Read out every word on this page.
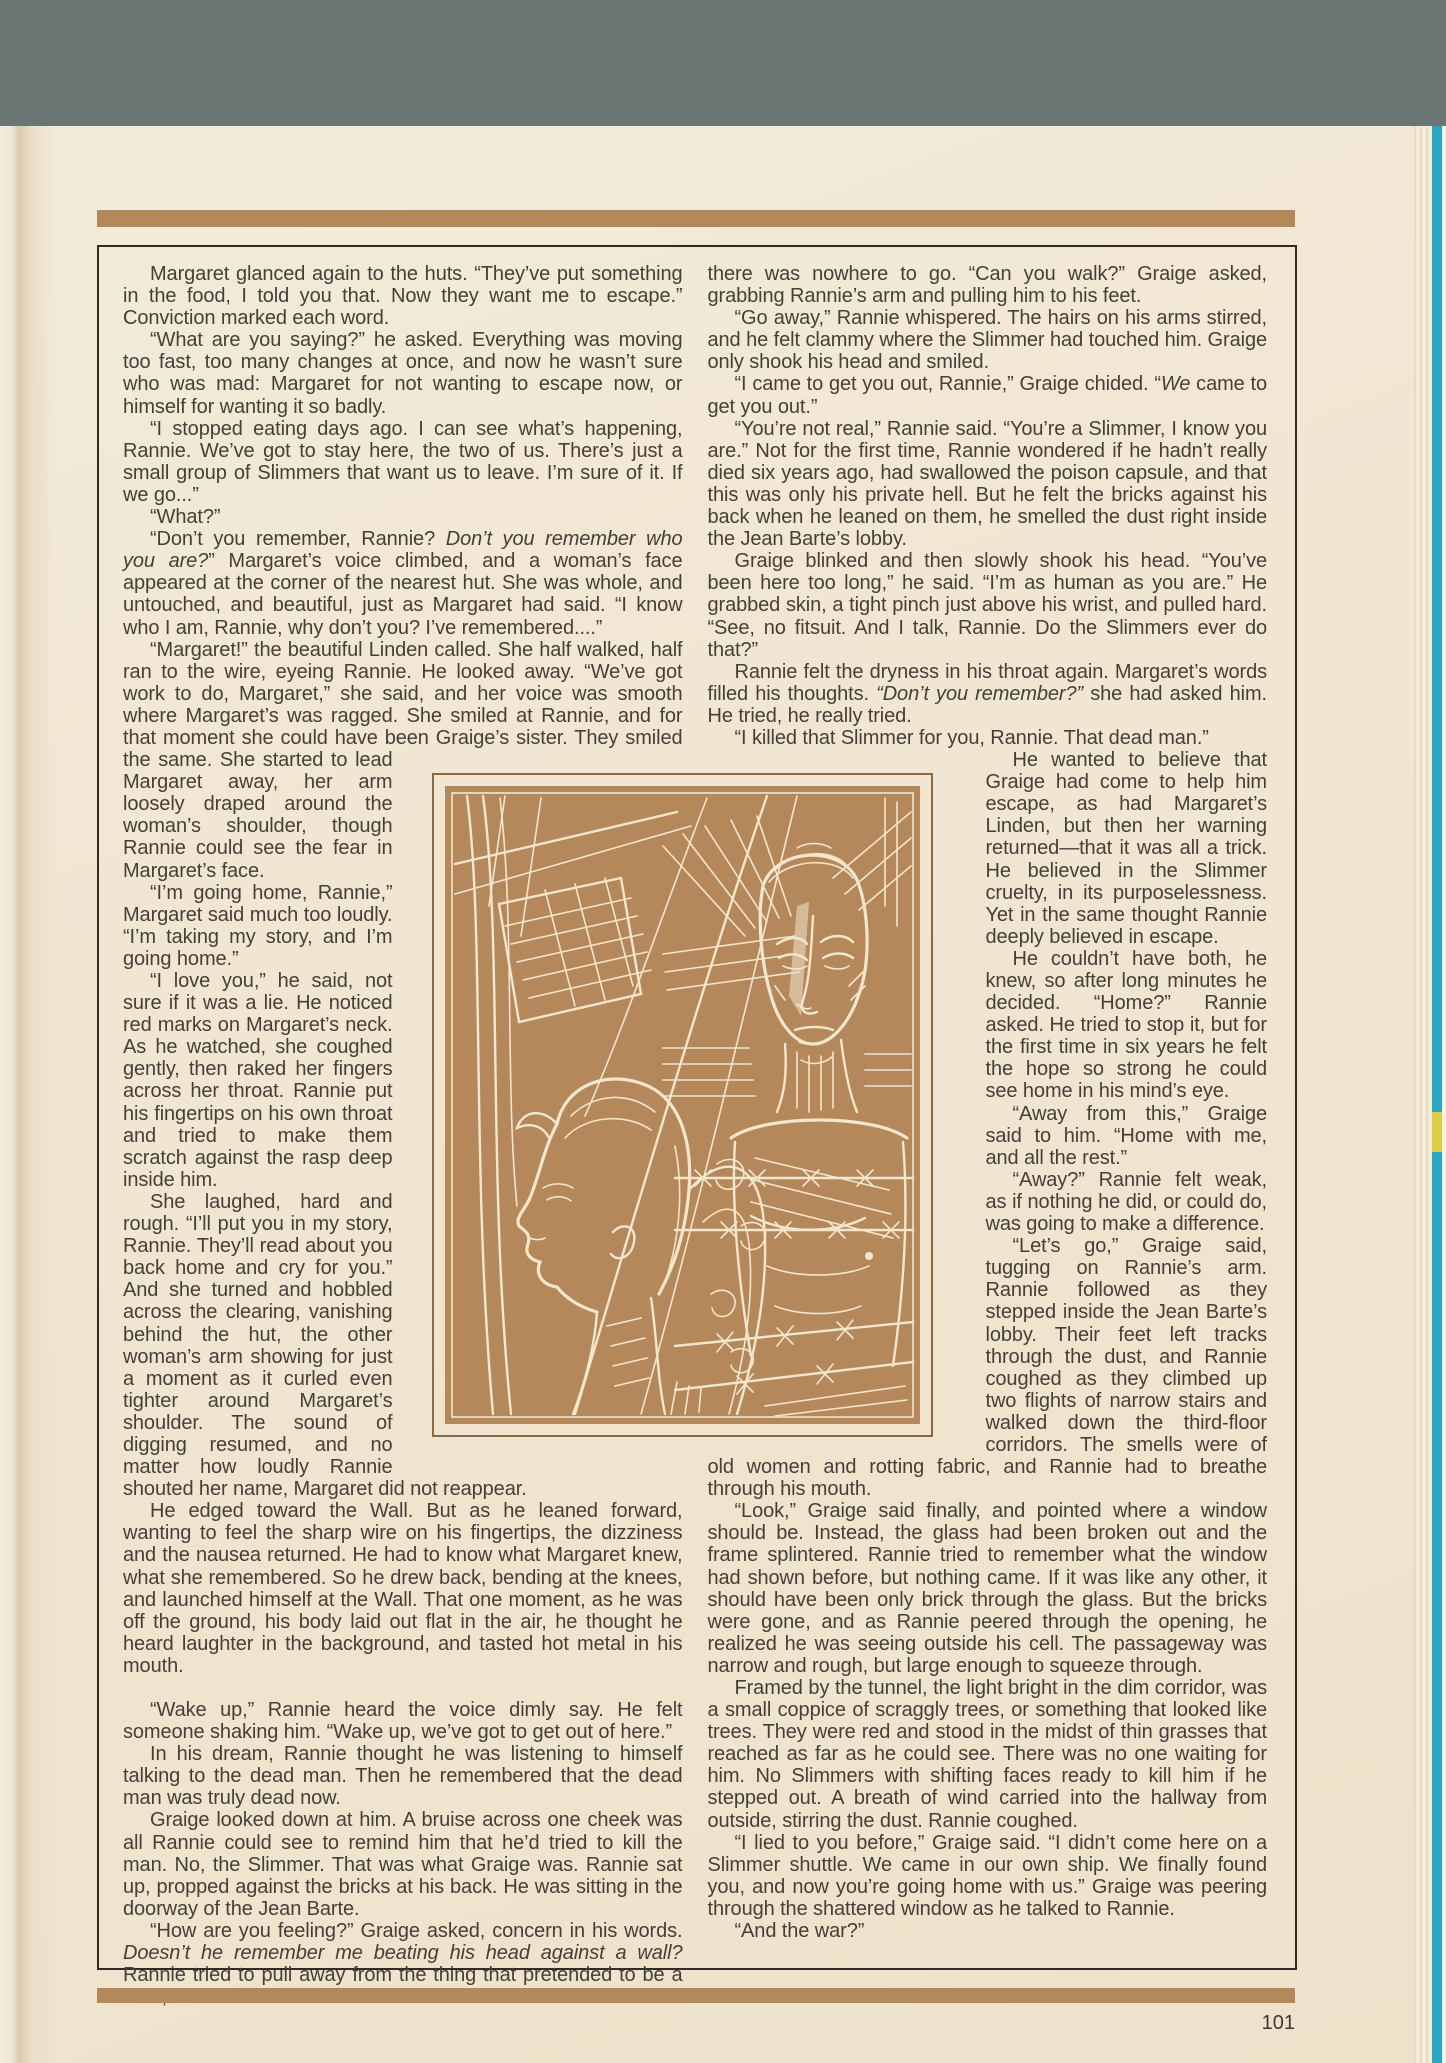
Margaret glanced again to the huts. “They’ve put something in the food, I told you that. Now they want me to escape.” Conviction marked each word.

“What are you saying?” he asked. Everything was moving too fast, too many changes at once, and now he wasn’t sure who was mad: Margaret for not wanting to escape now, or himself for wanting it so badly.

“I stopped eating days ago. I can see what’s happening, Rannie. We’ve got to stay here, the two of us. There’s just a small group of Slimmers that want us to leave. I’m sure of it. If we go...”

“What?”

“Don’t you remember, Rannie? Don’t you remember who you are?” Margaret’s voice climbed, and a woman’s face appeared at the corner of the nearest hut. She was whole, and untouched, and beautiful, just as Margaret had said. “I know who I am, Rannie, why don’t you? I’ve remembered....”

“Margaret!” the beautiful Linden called. She half walked, half ran to the wire, eyeing Rannie. He looked away. “We’ve got work to do, Margaret,” she said, and her voice was smooth where Margaret’s was ragged. She smiled at Rannie, and for that moment she could have been Graige’s sister. They smiled the
same. She started to lead Margaret away, her arm loosely draped around the woman’s shoulder, though Rannie could see the fear in Margaret’s face.

“I’m going home, Rannie,” Margaret said much too loudly. “I’m taking my story, and I’m going home.”

“I love you,” he said, not sure if it was a lie. He noticed red marks on Margaret’s neck. As he watched, she coughed gently, then raked her fingers across her throat. Rannie put his fingertips on his own throat and tried to make them scratch against the rasp deep inside him.

She laughed, hard and rough. “I’ll put you in my story, Rannie. They’ll read about you back home and cry for you.” And she turned and hobbled across the clearing, vanishing behind the hut, the other woman’s arm showing for just a moment as it curled even tighter around Margaret’s shoulder. The sound of digging resumed, and no matter how loudly Rannie shouted her name, Margaret did not reappear.

He edged toward the Wall. But as he leaned forward, wanting to feel the sharp wire on his fingertips, the dizziness and the nausea returned. He had to know what Margaret knew, what she remembered. So he drew back, bending at the knees, and launched himself at the Wall. That one moment, as he was off the ground, his body laid out flat in the air, he thought he heard laughter in the background, and tasted hot metal in his mouth.

“Wake up,” Rannie heard the voice dimly say. He felt someone shaking him. “Wake up, we’ve got to get out of here.”

In his dream, Rannie thought he was listening to himself talking to the dead man. Then he remembered that the dead man was truly dead now.

Graige looked down at him. A bruise across one cheek was all Rannie could see to remind him that he’d tried to kill the man. No, the Slimmer. That was what Graige was. Rannie sat up, propped against the bricks at his back. He was sitting in the doorway of the Jean Barte.

“How are you feeling?” Graige asked, concern in his words. Doesn’t he remember me beating his head against a wall? Rannie tried to pull away from the thing that pretended to be a

there was nowhere to go. “Can you walk?” Graige asked, grabbing Rannie’s arm and pulling him to his feet.

“Go away,” Rannie whispered. The hairs on his arms stirred, and he felt clammy where the Slimmer had touched him. Graige only shook his head and smiled.

“I came to get you out, Rannie,” Graige chided. “We came to get you out.”

“You’re not real,” Rannie said. “You’re a Slimmer, I know you are.” Not for the first time, Rannie wondered if he hadn’t really died six years ago, had swallowed the poison capsule, and that this was only his private hell. But he felt the bricks against his back when he leaned on them, he smelled the dust right inside the Jean Barte’s lobby.

Graige blinked and then slowly shook his head. “You’ve been here too long,” he said. “I’m as human as you are.” He grabbed skin, a tight pinch just above his wrist, and pulled hard. “See, no fitsuit. And I talk, Rannie. Do the Slimmers ever do that?”

Rannie felt the dryness in his throat again. Margaret’s words filled his thoughts. “Don’t you remember?” she had asked him. He tried, he really tried.

“I killed that Slimmer for you, Rannie. That dead man.”

He wanted to believe that Graige had come to help him escape, as had Margaret’s Linden, but then her warning returned—that it was all a trick. He believed in the Slimmer cruelty, in its purposelessness. Yet in the same thought Rannie deeply believed in escape.

He couldn’t have both, he knew, so after long minutes he decided. “Home?” Rannie asked. He tried to stop it, but for the first time in six years he felt the hope so strong he could see home in his mind’s eye.

“Away from this,” Graige said to him. “Home with me, and all the rest.”

“Away?” Rannie felt weak, as if nothing he did, or could do, was going to make a difference.

“Let’s go,” Graige said, tugging on Rannie’s arm. Rannie followed as they stepped inside the Jean Barte’s lobby. Their feet left tracks through the dust, and Rannie coughed as they climbed up two flights of narrow stairs and walked down the third-floor corridors. The smells were of old women and rotting fabric, and Rannie had to breathe through his mouth.

“Look,” Graige said finally, and pointed where a window should be. Instead, the glass had been broken out and the frame splintered. Rannie tried to remember what the window had shown before, but nothing came. If it was like any other, it should have been only brick through the glass. But the bricks were gone, and as Rannie peered through the opening, he realized he was seeing outside his cell. The passageway was narrow and rough, but large enough to squeeze through.

Framed by the tunnel, the light bright in the dim corridor, was a small coppice of scraggly trees, or something that looked like trees. They were red and stood in the midst of thin grasses that reached as far as he could see. There was no one waiting for him. No Slimmers with shifting faces ready to kill him if he stepped out. A breath of wind carried into the hallway from outside, stirring the dust. Rannie coughed.

“I lied to you before,” Graige said. “I didn’t come here on a Slimmer shuttle. We came in our own ship. We finally found you, and now you’re going home with us.” Graige was peering through the shattered window as he talked to Rannie.

“And the war?”

101
